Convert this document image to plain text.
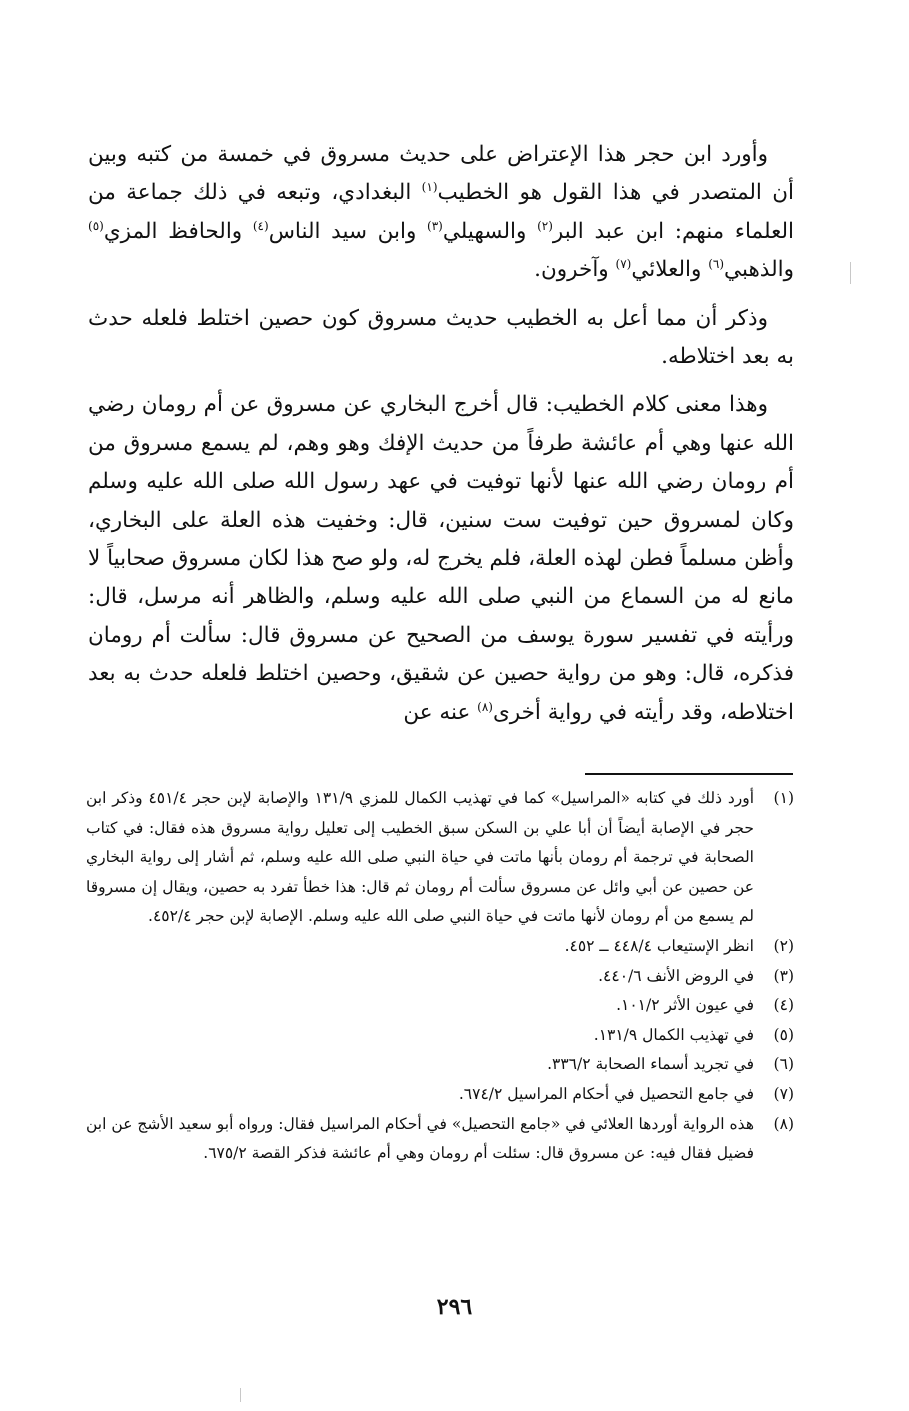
وأورد ابن حجر هذا الإعتراض على حديث مسروق في خمسة من كتبه وبين أن المتصدر في هذا القول هو الخطيب$^{(١)}$ البغدادي، وتبعه في ذلك جماعة من العلماء منهم: ابن عبد البر$^{(٢)}$ والسهيلي$^{(٣)}$ وابن سيد الناس$^{(٤)}$ والحافظ المزي$^{(٥)}$ والذهبي$^{(٦)}$ والعلائي$^{(٧)}$ وآخرون.

وذكر أن مما أعل به الخطيب حديث مسروق كون حصين اختلط فلعله حدث به بعد اختلاطه.

وهذا معنى كلام الخطيب: قال أخرج البخاري عن مسروق عن أم رومان رضي الله عنها وهي أم عائشة طرفاً من حديث الإفك وهو وهم، لم يسمع مسروق من أم رومان رضي الله عنها لأنها توفيت في عهد رسول الله صلى الله عليه وسلم وكان لمسروق حين توفيت ست سنين، قال: وخفيت هذه العلة على البخاري، وأظن مسلماً فطن لهذه العلة، فلم يخرج له، ولو صح هذا لكان مسروق صحابياً لا مانع له من السماع من النبي صلى الله عليه وسلم، والظاهر أنه مرسل، قال: ورأيته في تفسير سورة يوسف من الصحيح عن مسروق قال: سألت أم رومان فذكره، قال: وهو من رواية حصين عن شقيق، وحصين اختلط فلعله حدث به بعد اختلاطه، وقد رأيته في رواية أخرى$^{(٨)}$ عنه عن

(١)
أورد ذلك في كتابه «المراسيل» كما في تهذيب الكمال للمزي ١٣١/٩ والإصابة لإبن حجر ٤٥١/٤ وذكر ابن حجر في الإصابة أيضاً أن أبا علي بن السكن سبق الخطيب إلى تعليل رواية مسروق هذه فقال: في كتاب الصحابة في ترجمة أم رومان بأنها ماتت في حياة النبي صلى الله عليه وسلم، ثم أشار إلى رواية البخاري عن حصين عن أبي وائل عن مسروق سألت أم رومان ثم قال: هذا خطأ تفرد به حصين، ويقال إن مسروقا لم يسمع من أم رومان لأنها ماتت في حياة النبي صلى الله عليه وسلم. الإصابة لإبن حجر ٤٥٢/٤.
(٢)
انظر الإستيعاب ٤٤٨/٤ ــ ٤٥٢.
(٣)
في الروض الأنف ٤٤٠/٦.
(٤)
في عيون الأثر ١٠١/٢.
(٥)
في تهذيب الكمال ١٣١/٩.
(٦)
في تجريد أسماء الصحابة ٣٣٦/٢.
(٧)
في جامع التحصيل في أحكام المراسيل ٦٧٤/٢.
(٨)
هذه الرواية أوردها العلائي في «جامع التحصيل» في أحكام المراسيل فقال: ورواه أبو سعيد الأشج عن ابن فضيل فقال فيه: عن مسروق قال: سئلت أم رومان وهي أم عائشة فذكر القصة ٦٧٥/٢.
٢٩٦
